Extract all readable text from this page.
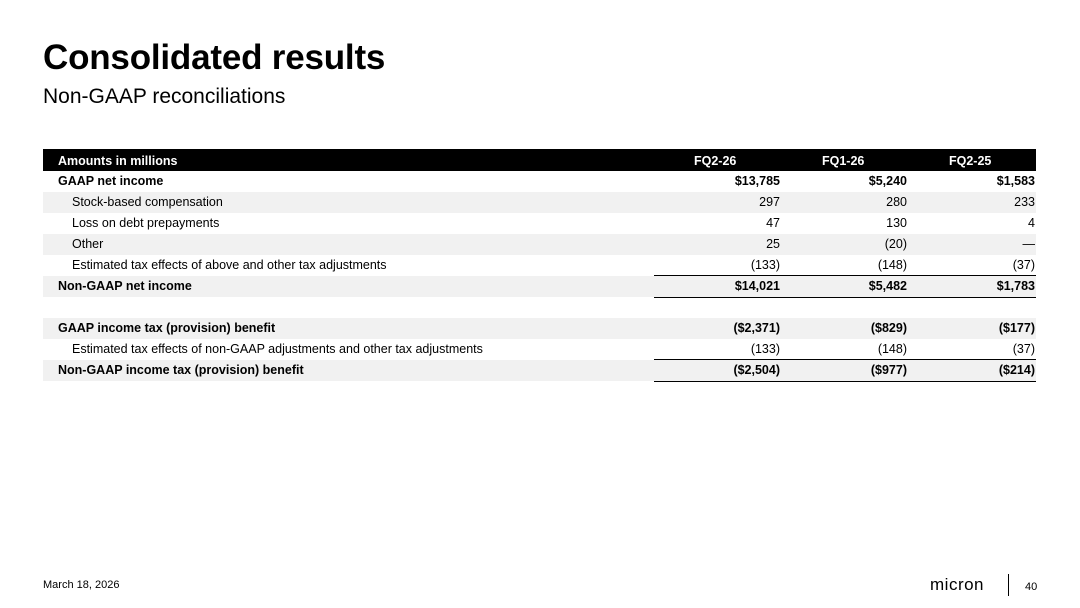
Consolidated results
Non-GAAP reconciliations
Amounts in millions	FQ2-26	FQ1-26	FQ2-25
GAAP net income	$13,785	$5,240	$1,583
Stock-based compensation	297	280	233
Loss on debt prepayments	47	130	4
Other	25	(20)	—
Estimated tax effects of above and other tax adjustments	(133)	(148)	(37)
Non-GAAP net income	$14,021	$5,482	$1,783
GAAP income tax (provision) benefit	($2,371)	($829)	($177)
Estimated tax effects of non-GAAP adjustments and other tax adjustments	(133)	(148)	(37)
Non-GAAP income tax (provision) benefit	($2,504)	($977)	($214)
March 18, 2026	micron	40
